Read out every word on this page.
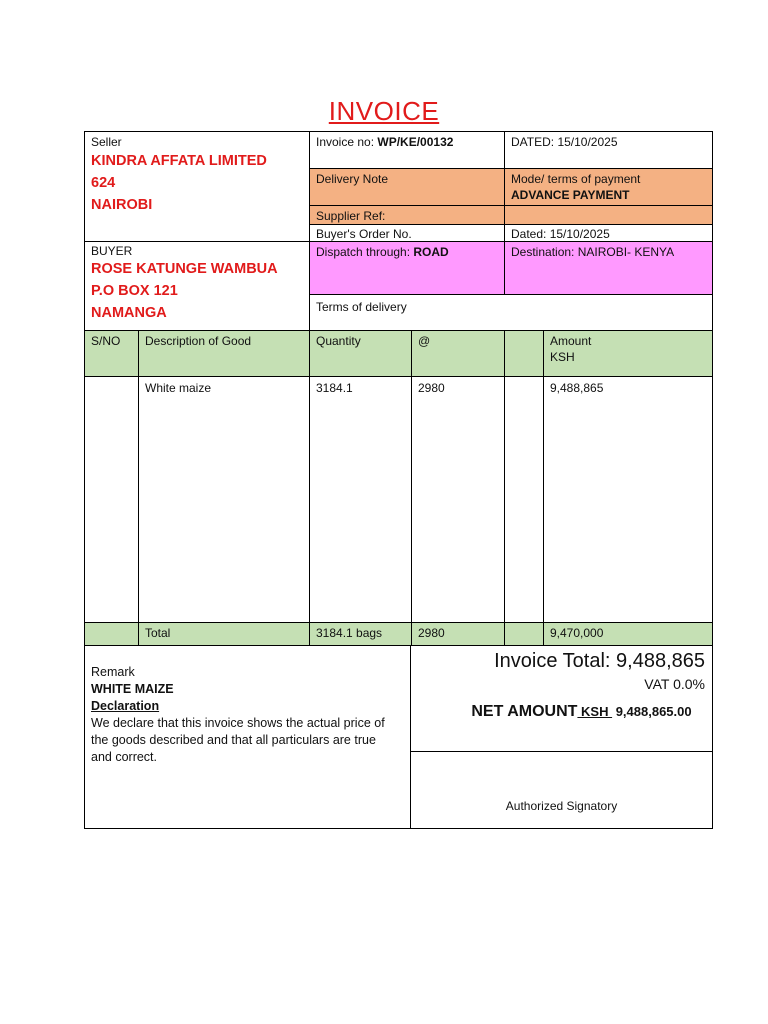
INVOICE
Seller
KINDRA AFFATA LIMITED
624
NAIROBI
Invoice no: WP/KE/00132	DATED: 15/10/2025
Delivery Note	Mode/ terms of payment
ADVANCE PAYMENT
Supplier Ref:
Buyer's Order No.	Dated: 15/10/2025
BUYER
ROSE KATUNGE WAMBUA
P.O BOX 121
NAMANGA
Dispatch through: ROAD	Destination: NAIROBI- KENYA
Terms of delivery
S/NO	Description of Good	Quantity	@	Amount
KSH
White maize	3184.1	2980	9,488,865
Total	3184.1 bags	2980	9,470,000
Remark
WHITE MAIZE
Declaration
We declare that this invoice shows the actual price of the goods described and that all particulars are true and correct.
Invoice Total: 9,488,865
VAT 0.0%
NET AMOUNT KSH  9,488,865.00
Authorized Signatory
